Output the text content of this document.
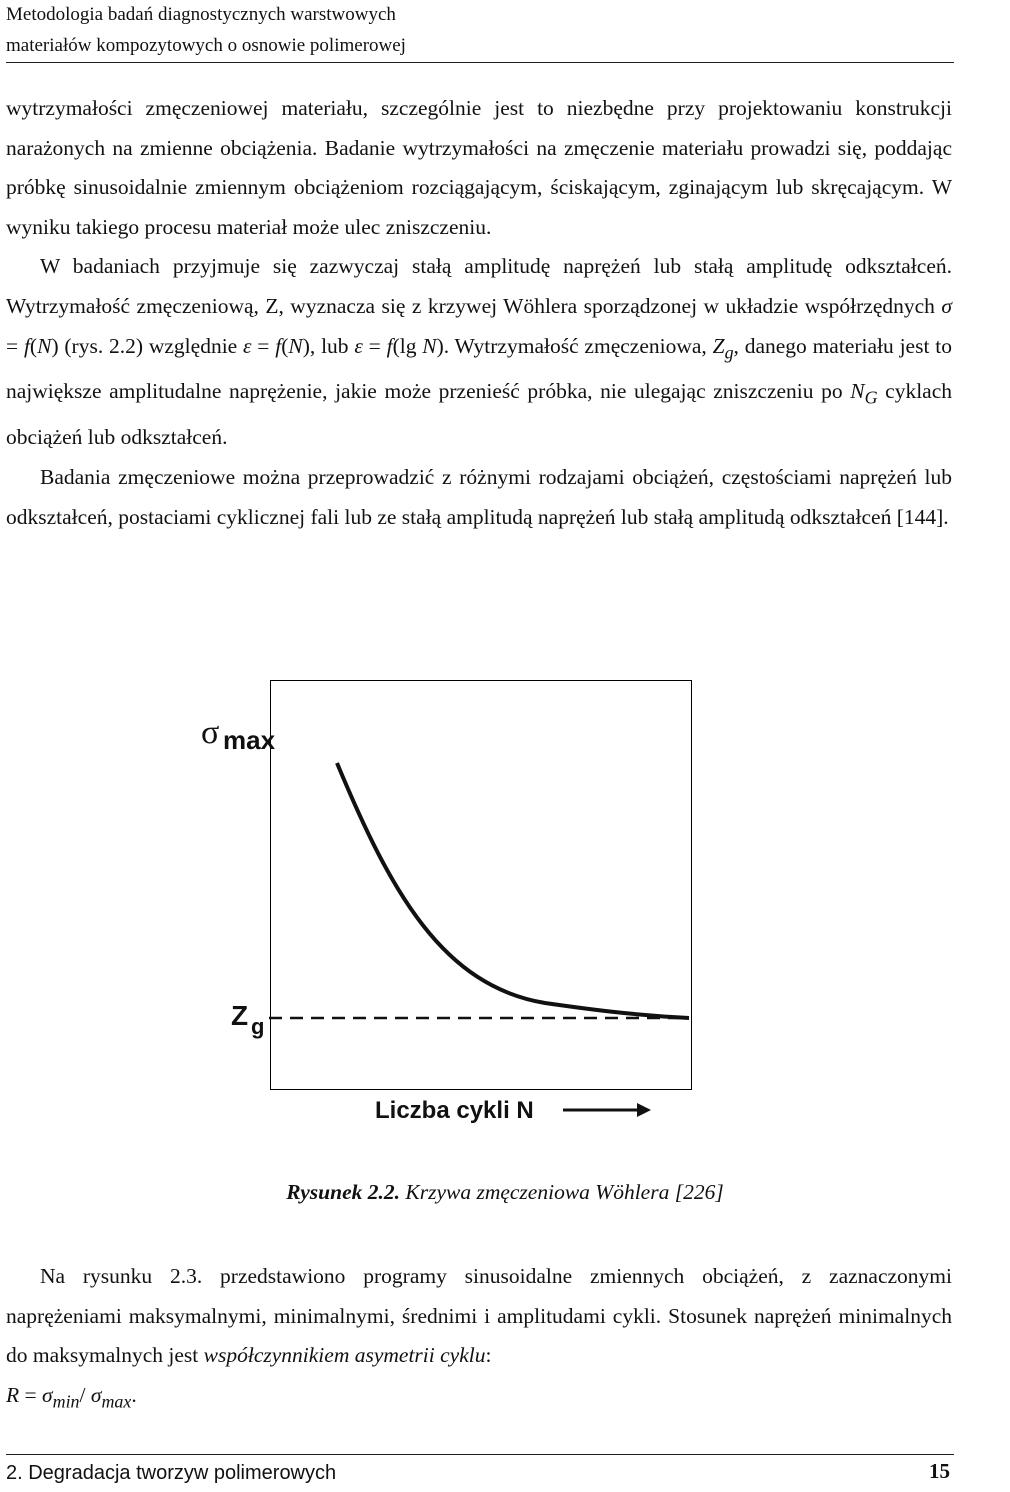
Metodologia badań diagnostycznych warstwowych
materiałów kompozytowych o osnowie polimerowej

wytrzymałości zmęczeniowej materiału, szczególnie jest to niezbędne przy projektowaniu konstrukcji narażonych na zmienne obciążenia. Badanie wytrzymałości na zmęczenie materiału prowadzi się, poddając próbkę sinusoidalnie zmiennym obciążeniom rozciągającym, ściskającym, zginającym lub skręcającym. W wyniku takiego procesu materiał może ulec zniszczeniu.

W badaniach przyjmuje się zazwyczaj stałą amplitudę naprężeń lub stałą amplitudę odkształceń. Wytrzymałość zmęczeniową, Z, wyznacza się z krzywej Wöhlera sporządzonej w układzie współrzędnych σ = f(N) (rys. 2.2) względnie ε = f(N), lub ε = f(lg N). Wytrzymałość zmęczeniowa, $Z_g$, danego materiału jest to największe amplitudalne naprężenie, jakie może przenieść próbka, nie ulegając zniszczeniu po $N_G$ cyklach obciążeń lub odkształceń.

Badania zmęczeniowe można przeprowadzić z różnymi rodzajami obciążeń, częstościami naprężeń lub odkształceń, postaciami cyklicznej fali lub ze stałą amplitudą naprężeń lub stałą amplitudą odkształceń [144].

σ max
Z g
Liczba cykli N
Rysunek 2.2. Krzywa zmęczeniowa Wöhlera [226]

Na rysunku 2.3. przedstawiono programy sinusoidalne zmiennych obciążeń, z zaznaczonymi naprężeniami maksymalnymi, minimalnymi, średnimi i amplitudami cykli. Stosunek naprężeń minimalnych do maksymalnych jest współczynnikiem asymetrii cyklu:
$R = \sigma_{min}/$ $\sigma_{max}$.

2. Degradacja tworzyw polimerowych	15
